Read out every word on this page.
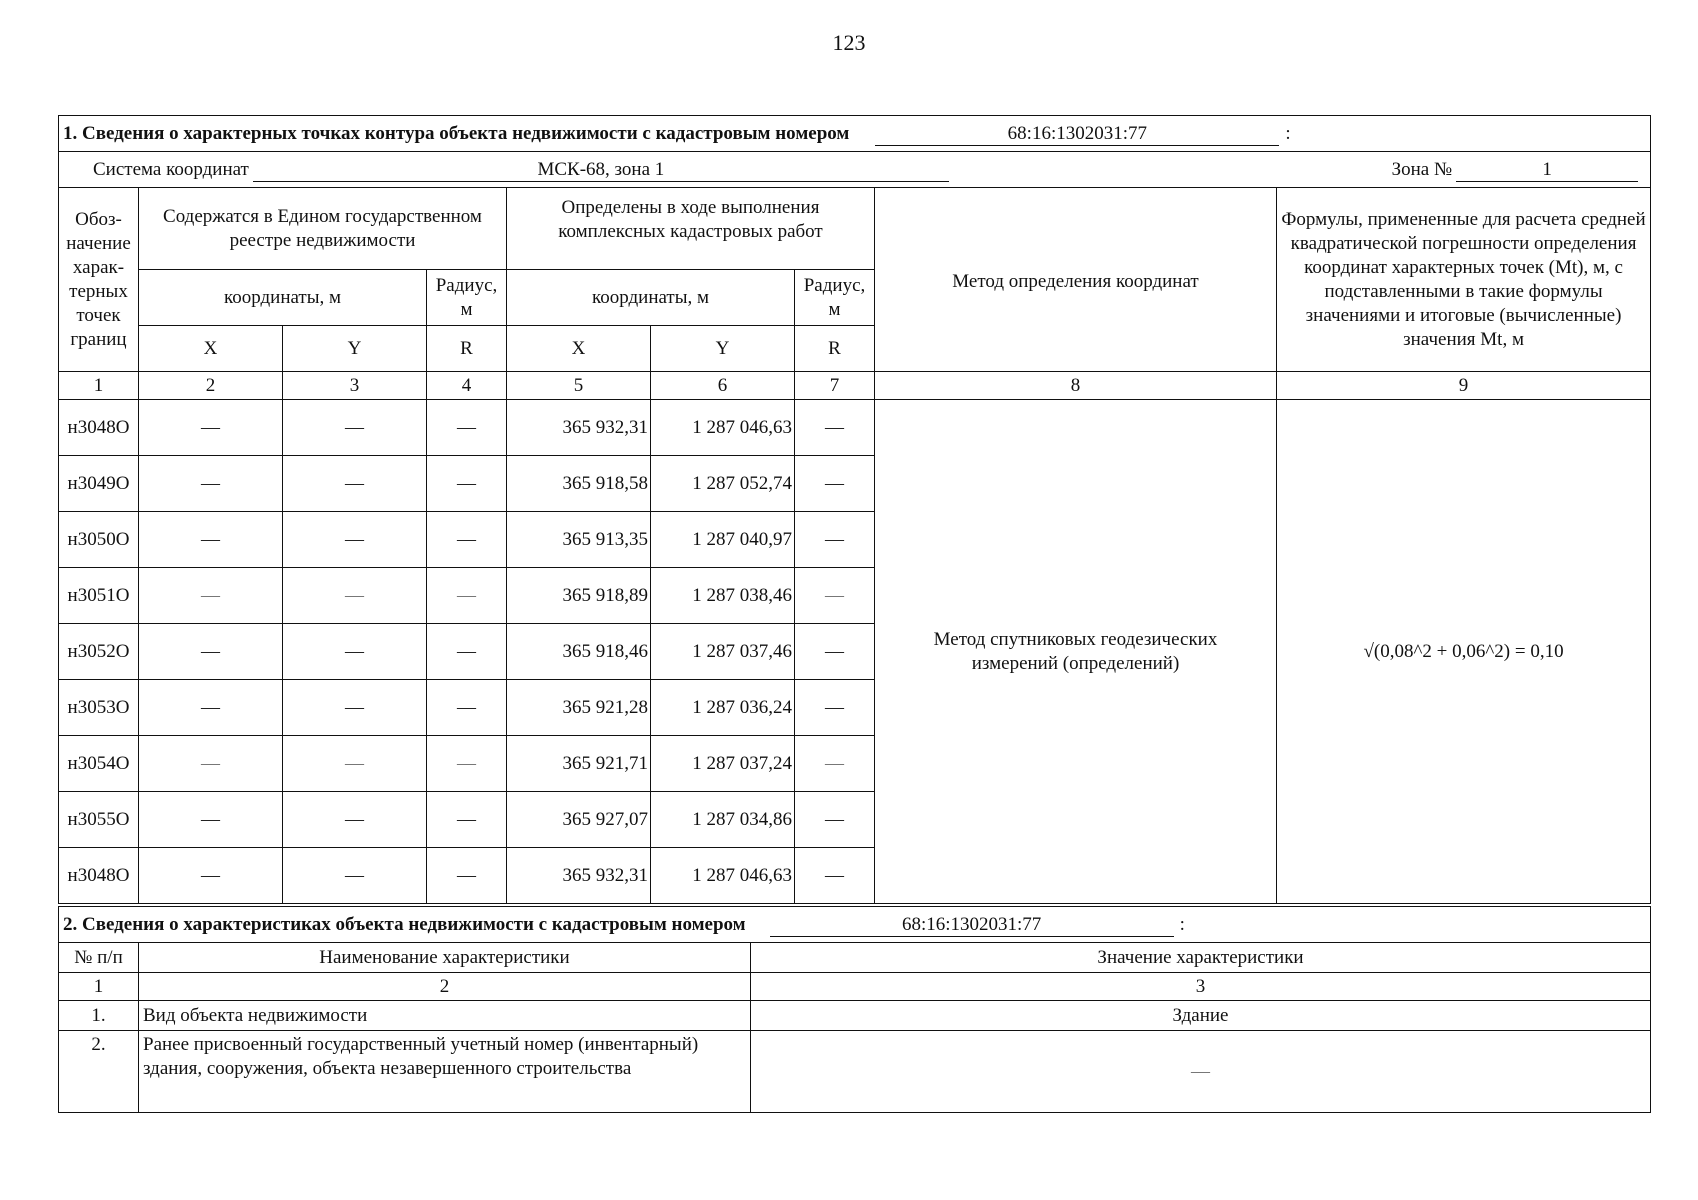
123
1. Сведения о характерных точках контура объекта недвижимости с кадастровым номером 68:16:1302031:77 :								

Система координат МСК-68, зона 1 Зона № 1								

Обоз-начение харак-терных точек границ	Содержатся в Едином государственном реестре недвижимости			Определены в ходе выполнения комплексных кадастровых работ			Метод определения координат	Формулы, примененные для расчета средней квадратической погрешности определения координат характерных точек (Mt), м, с подставленными в такие формулы значениями и итоговые (вычисленные) значения Mt, м
	координаты, м		Радиус, м	координаты, м		Радиус, м		
	X	Y	R	X	Y	R		
1	2	3	4	5	6	7	8	9
н3048О	—	—	—	365 932,31	1 287 046,63	—	Метод спутниковых геодезических измерений (определений)	√(0,08^2 + 0,06^2) = 0,10
н3049О	—	—	—	365 918,58	1 287 052,74	—		
н3050О	—	—	—	365 913,35	1 287 040,97	—		
н3051О	—	—	—	365 918,89	1 287 038,46	—		
н3052О	—	—	—	365 918,46	1 287 037,46	—		
н3053О	—	—	—	365 921,28	1 287 036,24	—		
н3054О	—	—	—	365 921,71	1 287 037,24	—		
н3055О	—	—	—	365 927,07	1 287 034,86	—		
н3048О	—	—	—	365 932,31	1 287 046,63	—		
2. Сведения о характеристиках объекта недвижимости с кадастровым номером 68:16:1302031:77 :		

№ п/п	Наименование характеристики	Значение характеристики
1	2	3
1.	Вид объекта недвижимости	Здание
2.	Ранее присвоенный государственный учетный номер (инвентарный) здания, сооружения, объекта незавершенного строительства	—
